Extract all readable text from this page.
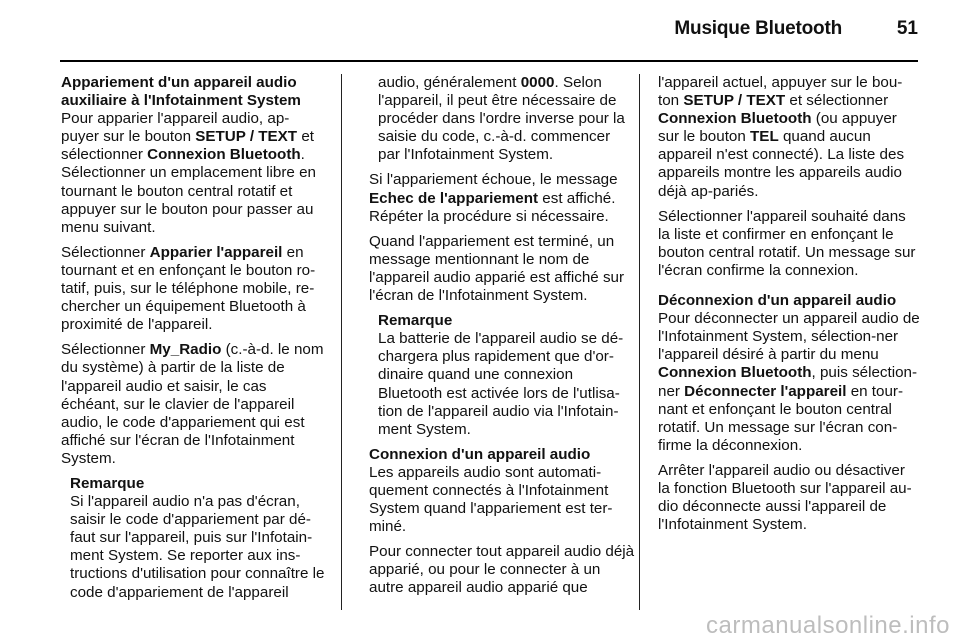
Musique Bluetooth	51
Appariement d'un appareil audio auxiliaire à l'Infotainment System

Pour apparier l'appareil audio, ap-puyer sur le bouton SETUP / TEXT et sélectionner Connexion Bluetooth. Sélectionner un emplacement libre en tournant le bouton central rotatif et appuyer sur le bouton pour passer au menu suivant.

Sélectionner Apparier l'appareil en tournant et en enfonçant le bouton ro-tatif, puis, sur le téléphone mobile, re-chercher un équipement Bluetooth à proximité de l'appareil.

Sélectionner My_Radio (c.-à-d. le nom du système) à partir de la liste de l'appareil audio et saisir, le cas échéant, sur le clavier de l'appareil audio, le code d'appariement qui est affiché sur l'écran de l'Infotainment System.

Remarque

Si l'appareil audio n'a pas d'écran, saisir le code d'appariement par dé-faut sur l'appareil, puis sur l'Infotain-ment System. Se reporter aux ins-tructions d'utilisation pour connaître le code d'appariement de l'appareil

audio, généralement 0000. Selon l'appareil, il peut être nécessaire de procéder dans l'ordre inverse pour la saisie du code, c.-à-d. commencer par l'Infotainment System.

Si l'appariement échoue, le message Echec de l'appariement est affiché. Répéter la procédure si nécessaire.

Quand l'appariement est terminé, un message mentionnant le nom de l'appareil audio apparié est affiché sur l'écran de l'Infotainment System.

Remarque

La batterie de l'appareil audio se dé-chargera plus rapidement que d'or-dinaire quand une connexion Bluetooth est activée lors de l'utlisa-tion de l'appareil audio via l'Infotain-ment System.

Connexion d'un appareil audio

Les appareils audio sont automati-quement connectés à l'Infotainment System quand l'appariement est ter-miné.

Pour connecter tout appareil audio déjà apparié, ou pour le connecter à un autre appareil audio apparié que

l'appareil actuel, appuyer sur le bou-ton SETUP / TEXT et sélectionner Connexion Bluetooth (ou appuyer sur le bouton TEL quand aucun appareil n'est connecté). La liste des appareils montre les appareils audio déjà ap-pariés.

Sélectionner l'appareil souhaité dans la liste et confirmer en enfonçant le bouton central rotatif. Un message sur l'écran confirme la connexion.

Déconnexion d'un appareil audio

Pour déconnecter un appareil audio de l'Infotainment System, sélection-ner l'appareil désiré à partir du menu Connexion Bluetooth, puis sélection-ner Déconnecter l'appareil en tour-nant et enfonçant le bouton central rotatif. Un message sur l'écran con-firme la déconnexion.

Arrêter l'appareil audio ou désactiver la fonction Bluetooth sur l'appareil au-dio déconnecte aussi l'appareil de l'Infotainment System.

carmanualsonline.info
